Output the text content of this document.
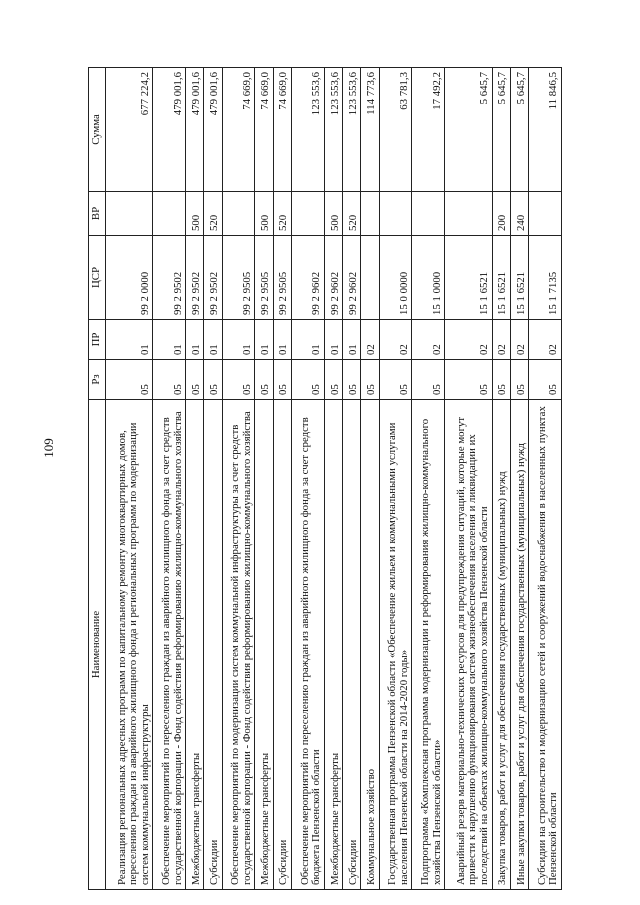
109
Наименование	Рз	ПР	ЦСР	ВР	Сумма
Реализация региональных адресных программ по капитальному ремонту многоквартирных домов, переселению граждан из аварийного жилищного фонда и региональных программ по модернизации систем коммунальной инфраструктуры	05	01	99 2 0000		677 224,2
Обеспечение мероприятий по переселению граждан из аварийного жилищного фонда за счет средств государственной корпорации - Фонд содействия реформированию жилищно-коммунального хозяйства	05	01	99 2 9502		479 001,6
Межбюджетные трансферты	05	01	99 2 9502	500	479 001,6
Субсидии	05	01	99 2 9502	520	479 001,6
Обеспечение мероприятий по модернизации систем коммунальной инфраструктуры за счет средств государственной корпорации - Фонд содействия реформированию жилищно-коммунального хозяйства	05	01	99 2 9505		74 669,0
Межбюджетные трансферты	05	01	99 2 9505	500	74 669,0
Субсидии	05	01	99 2 9505	520	74 669,0
Обеспечение мероприятий по переселению граждан из аварийного жилищного фонда за счет средств бюджета Пензенской области	05	01	99 2 9602		123 553,6
Межбюджетные трансферты	05	01	99 2 9602	500	123 553,6
Субсидии	05	01	99 2 9602	520	123 553,6
Коммунальное хозяйство	05	02			114 773,6
Государственная программа Пензенской области «Обеспечение жильем и коммунальными услугами населения Пензенской области на 2014-2020 годы»	05	02	15 0 0000		63 781,3
Подпрограмма «Комплексная программа модернизации и реформирования жилищно-коммунального хозяйства Пензенской области»	05	02	15 1 0000		17 492,2
Аварийный резерв материально-технических ресурсов для предупреждения ситуаций, которые могут привести к нарушению функционирования систем жизнеобеспечения населения и ликвидации их последствий на объектах жилищно-коммунального хозяйства Пензенской области	05	02	15 1 6521		5 645,7
Закупка товаров, работ и услуг для обеспечения государственных (муниципальных) нужд	05	02	15 1 6521	200	5 645,7
Иные закупки товаров, работ и услуг для обеспечения государственных (муниципальных) нужд	05	02	15 1 6521	240	5 645,7
Субсидии на строительство и модернизацию сетей и сооружений водоснабжения в населенных пунктах Пензенской области	05	02	15 1 7135		11 846,5
